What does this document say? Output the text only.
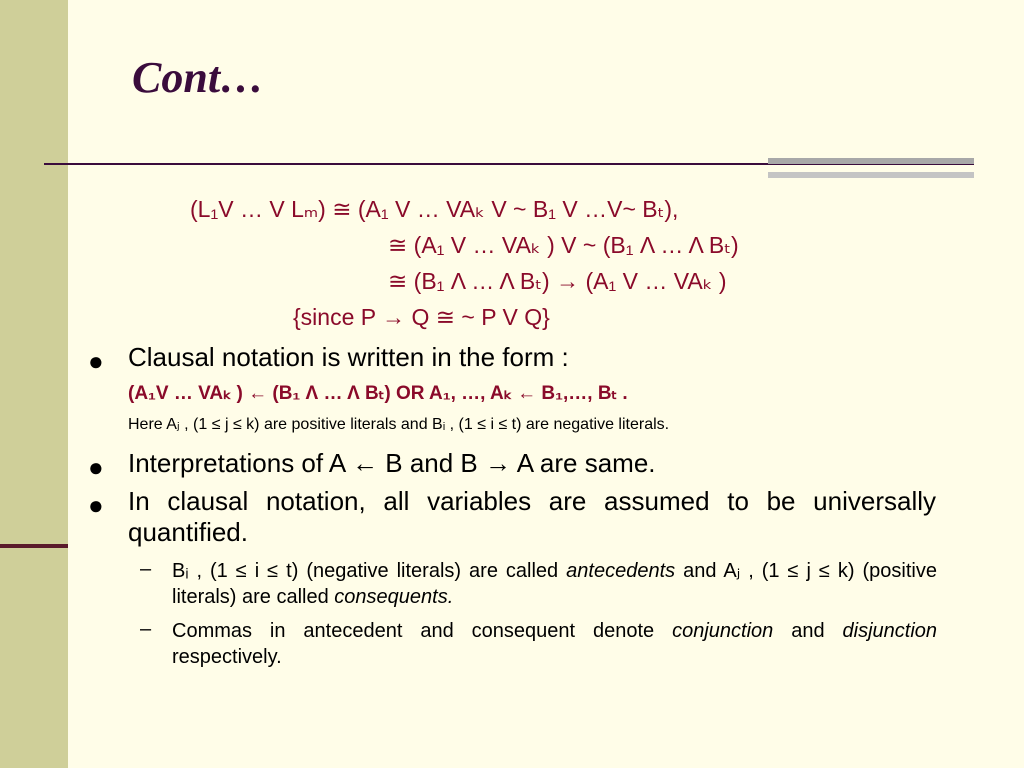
Cont…
(L₁V … V Lₘ) ≅ (A₁ V … VAₖ V ~ B₁ V …V~ Bₜ),
≅ (A₁ V … VAₖ ) V ~ (B₁ Λ … Λ Bₜ)
≅ (B₁ Λ … Λ Bₜ) → (A₁ V … VAₖ )
{since P → Q ≅ ~ P V Q}
● Clausal notation is written in the form :
(A₁V … VAₖ ) ← (B₁ Λ … Λ Bₜ) OR A₁, …, Aₖ ← B₁,…, Bₜ .
Here Aⱼ , (1 ≤ j ≤ k) are positive literals and Bᵢ , (1 ≤ i ≤ t) are negative literals.
● Interpretations of A ← B and B → A are same.
● In clausal notation, all variables are assumed to be universally quantified.
– Bᵢ , (1 ≤ i ≤ t) (negative literals) are called antecedents and Aⱼ , (1 ≤ j ≤ k) (positive literals) are called consequents.
– Commas in antecedent and consequent denote conjunction and disjunction respectively.
